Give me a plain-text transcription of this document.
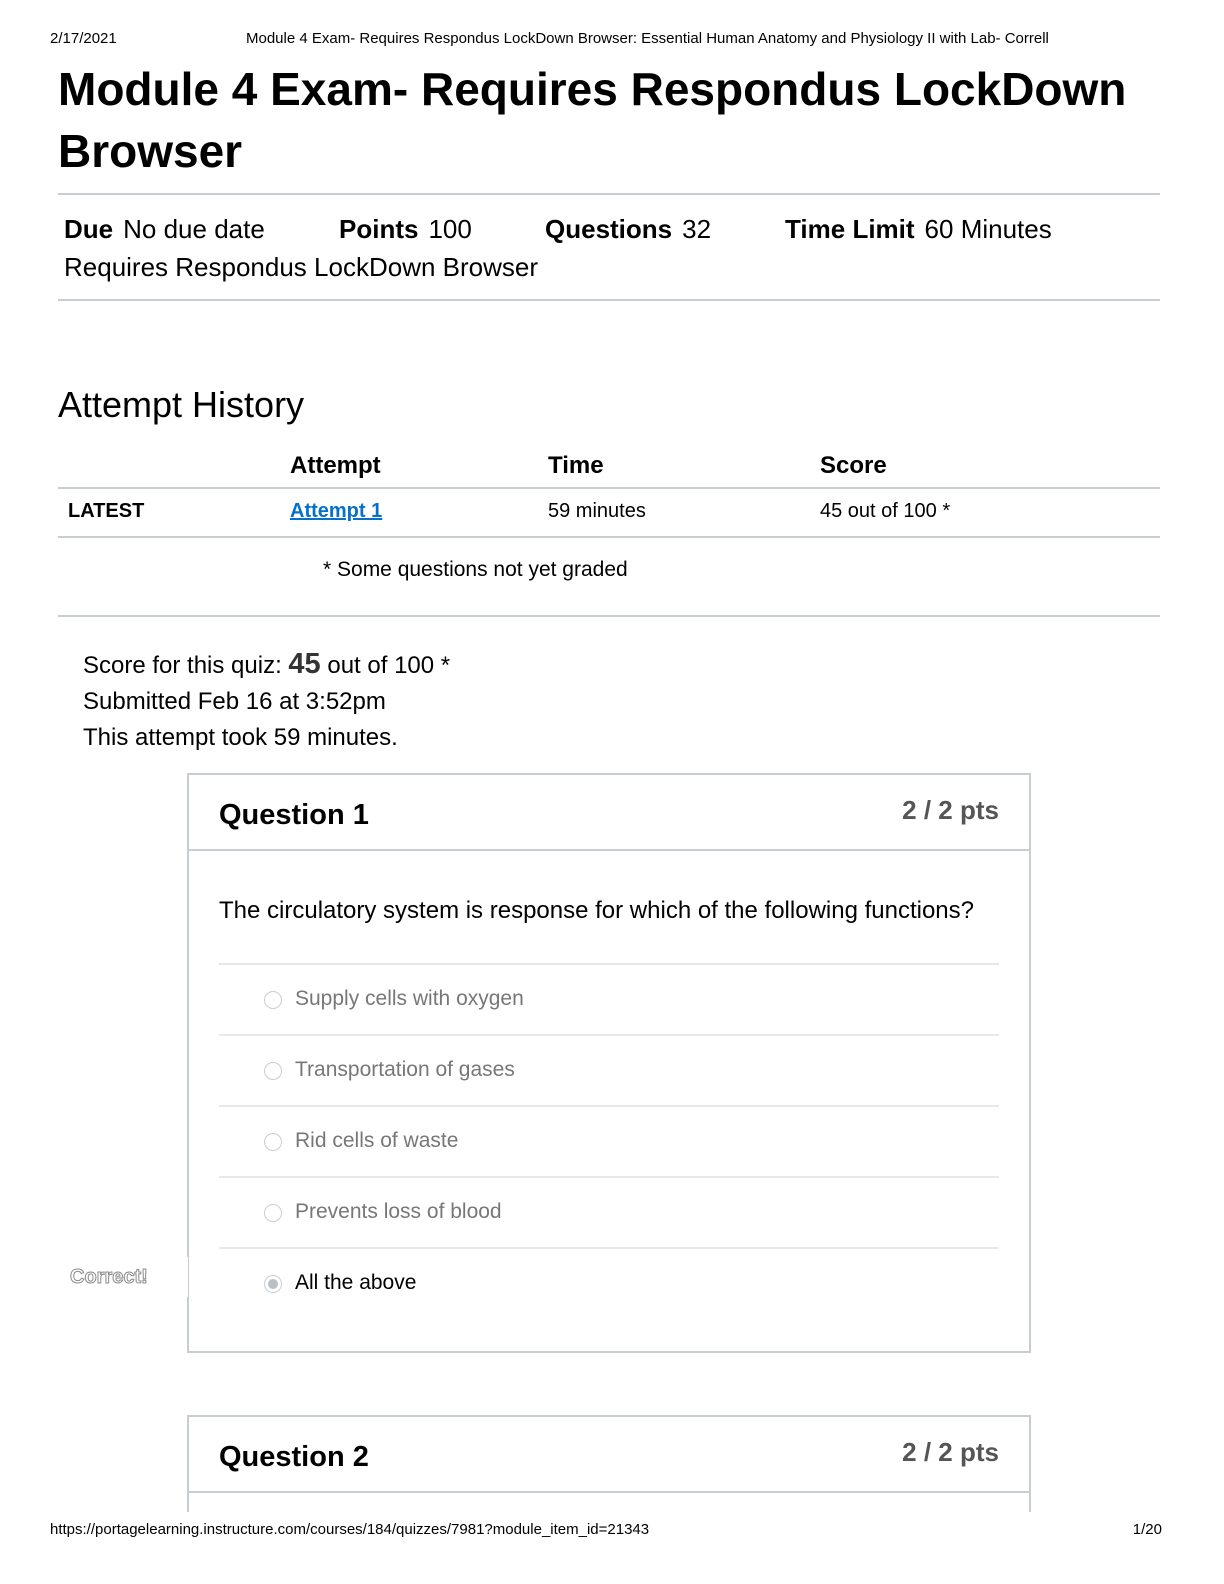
2/17/2021	Module 4 Exam- Requires Respondus LockDown Browser: Essential Human Anatomy and Physiology II with Lab- Correll
Module 4 Exam- Requires Respondus LockDown Browser
Due No due date	Points 100	Questions 32	Time Limit 60 Minutes
Requires Respondus LockDown Browser
Attempt History
Attempt	Time	Score
LATEST	Attempt 1	59 minutes	45 out of 100 *
* Some questions not yet graded
Score for this quiz: 45 out of 100 *
Submitted Feb 16 at 3:52pm
This attempt took 59 minutes.
Question 1	2 / 2 pts
The circulatory system is response for which of the following functions?
Supply cells with oxygen
Transportation of gases
Rid cells of waste
Prevents loss of blood
All the above
Correct!
Question 2	2 / 2 pts
https://portagelearning.instructure.com/courses/184/quizzes/7981?module_item_id=21343	1/20
